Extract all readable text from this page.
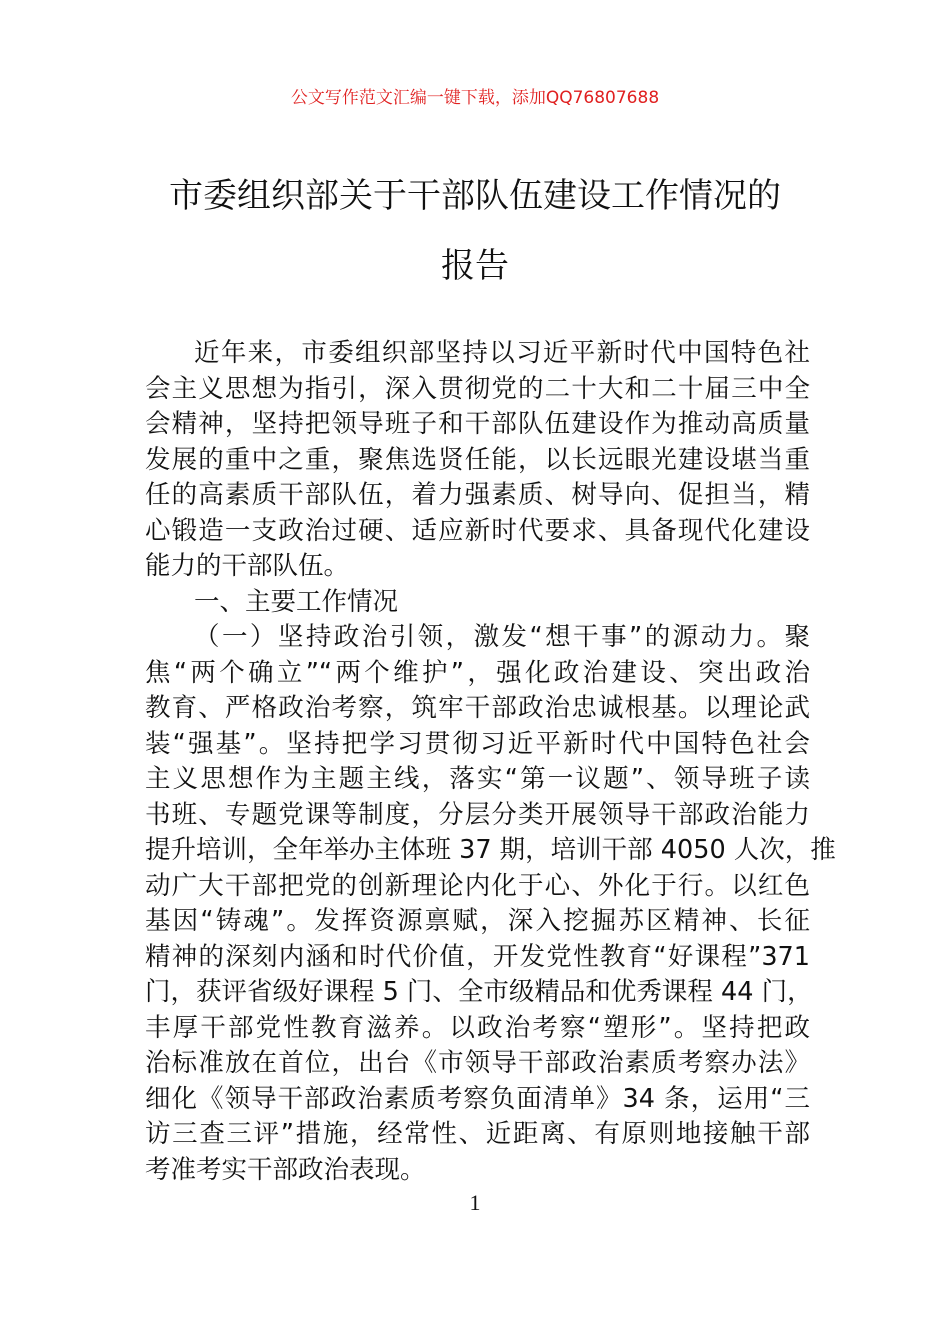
公文写作范文汇编一键下载，添加QQ76807688
市委组织部关于干部队伍建设工作情况的
报告
近年来，市委组织部坚持以习近平新时代中国特色社
会主义思想为指引，深入贯彻党的二十大和二十届三中全
会精神，坚持把领导班子和干部队伍建设作为推动高质量
发展的重中之重，聚焦选贤任能，以长远眼光建设堪当重
任的高素质干部队伍，着力强素质、树导向、促担当，精
心锻造一支政治过硬、适应新时代要求、具备现代化建设
能力的干部队伍。
一、主要工作情况
（一）坚持政治引领，激发“想干事”的源动力。聚
焦“两个确立”“两个维护”，强化政治建设、突出政治
教育、严格政治考察，筑牢干部政治忠诚根基。以理论武
装“强基”。坚持把学习贯彻习近平新时代中国特色社会
主义思想作为主题主线，落实“第一议题”、领导班子读
书班、专题党课等制度，分层分类开展领导干部政治能力
提升培训，全年举办主体班 37 期，培训干部 4050 人次，推
动广大干部把党的创新理论内化于心、外化于行。以红色
基因“铸魂”。发挥资源禀赋，深入挖掘苏区精神、长征
精神的深刻内涵和时代价值，开发党性教育“好课程”371
门，获评省级好课程 5 门、全市级精品和优秀课程 44 门，
丰厚干部党性教育滋养。以政治考察“塑形”。坚持把政
治标准放在首位，出台《市领导干部政治素质考察办法》
细化《领导干部政治素质考察负面清单》34 条，运用“三
访三查三评”措施，经常性、近距离、有原则地接触干部
考准考实干部政治表现。
1
